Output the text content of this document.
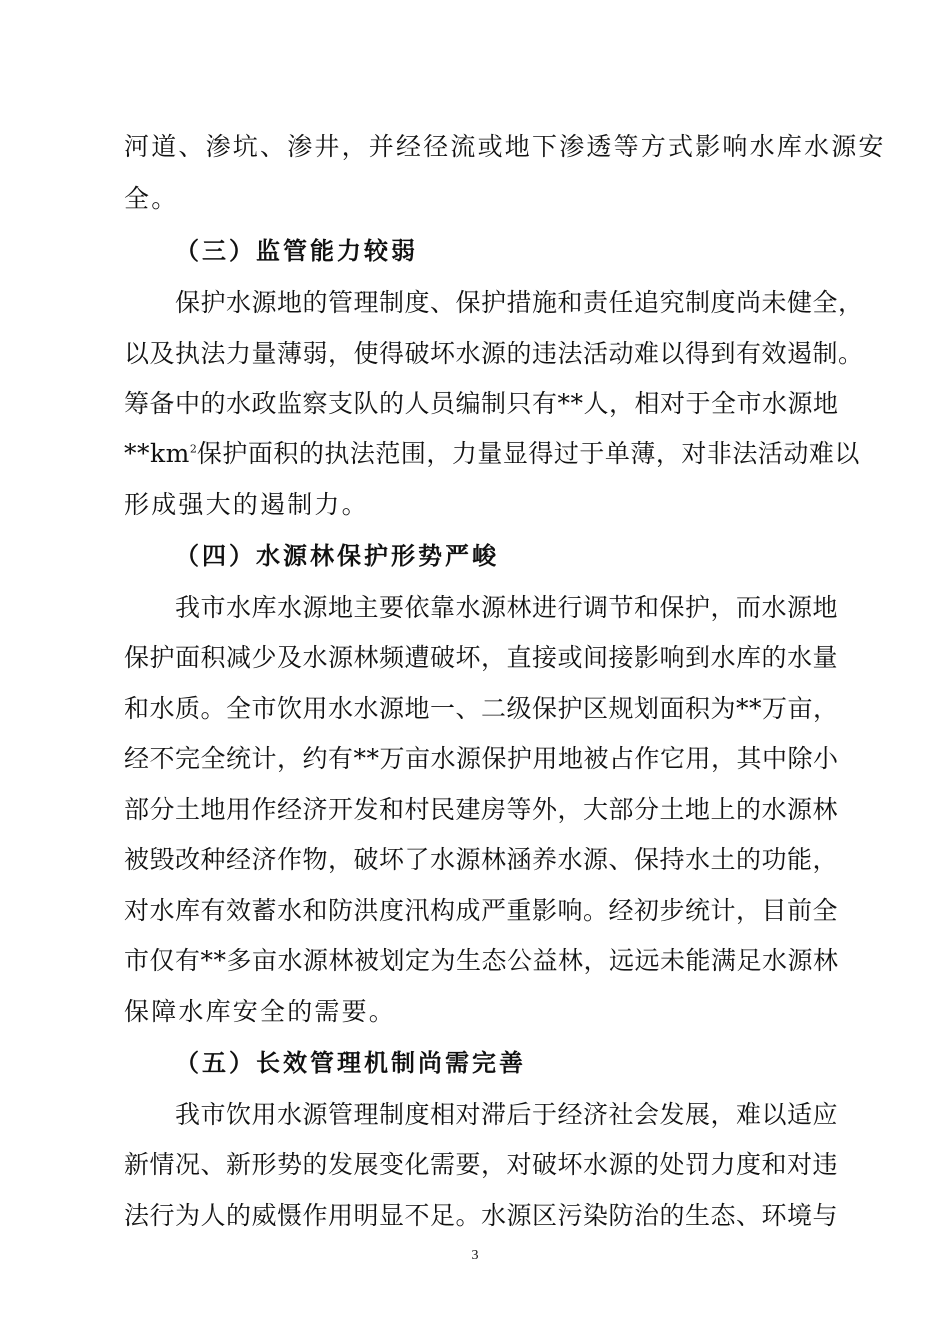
河道、渗坑、渗井，并经径流或地下渗透等方式影响水库水源安
全。
（三）监管能力较弱
保护水源地的管理制度、保护措施和责任追究制度尚未健全，
以及执法力量薄弱，使得破坏水源的违法活动难以得到有效遏制。
筹备中的水政监察支队的人员编制只有**人，相对于全市水源地
$**km^2$保护面积的执法范围，力量显得过于单薄，对非法活动难以
形成强大的遏制力。
（四）水源林保护形势严峻
我市水库水源地主要依靠水源林进行调节和保护，而水源地
保护面积减少及水源林频遭破坏，直接或间接影响到水库的水量
和水质。全市饮用水水源地一、二级保护区规划面积为**万亩，
经不完全统计，约有**万亩水源保护用地被占作它用，其中除小
部分土地用作经济开发和村民建房等外，大部分土地上的水源林
被毁改种经济作物，破坏了水源林涵养水源、保持水土的功能，
对水库有效蓄水和防洪度汛构成严重影响。经初步统计，目前全
市仅有**多亩水源林被划定为生态公益林，远远未能满足水源林
保障水库安全的需要。
（五）长效管理机制尚需完善
我市饮用水源管理制度相对滞后于经济社会发展，难以适应
新情况、新形势的发展变化需要，对破坏水源的处罚力度和对违
法行为人的威慑作用明显不足。水源区污染防治的生态、环境与
3
